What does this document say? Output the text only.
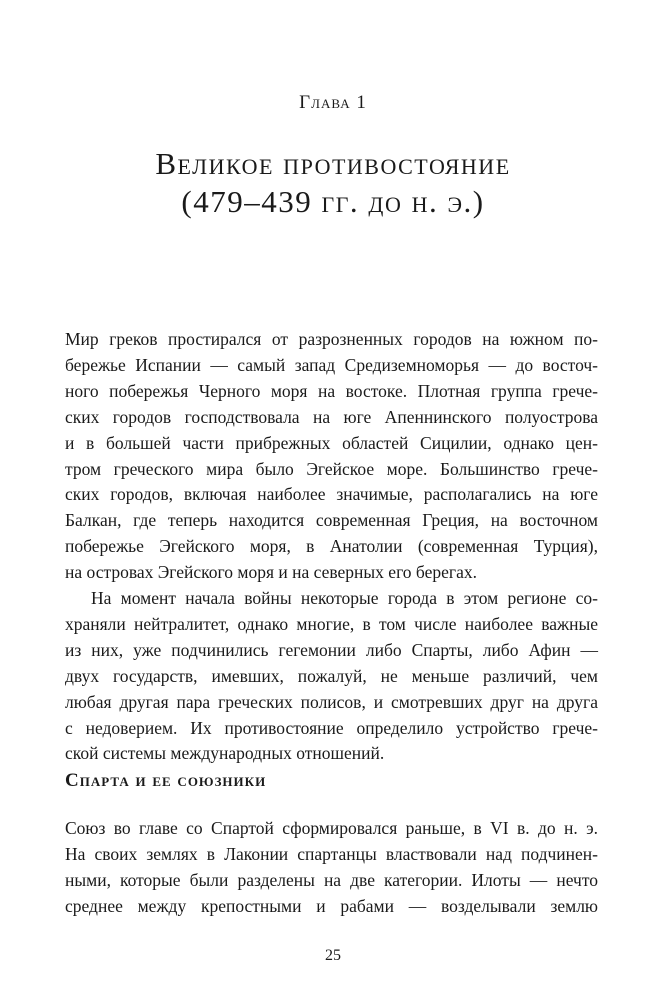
Глава 1
Великое противостояние
(479–439 гг. до н. э.)
Мир греков простирался от разрозненных городов на южном по-
бережье Испании — самый запад Средиземноморья — до восточ-
ного побережья Черного моря на востоке. Плотная группа грече-
ских городов господствовала на юге Апеннинского полуострова
и в большей части прибрежных областей Сицилии, однако цен-
тром греческого мира было Эгейское море. Большинство грече-
ских городов, включая наиболее значимые, располагались на юге
Балкан, где теперь находится современная Греция, на восточном
побережье Эгейского моря, в Анатолии (современная Турция),
на островах Эгейского моря и на северных его берегах.
На момент начала войны некоторые города в этом регионе со-
храняли нейтралитет, однако многие, в том числе наиболее важные
из них, уже подчинились гегемонии либо Спарты, либо Афин —
двух государств, имевших, пожалуй, не меньше различий, чем
любая другая пара греческих полисов, и смотревших друг на друга
с недоверием. Их противостояние определило устройство грече-
ской системы международных отношений.
Спарта и ее союзники
Союз во главе со Спартой сформировался раньше, в VI в. до н. э.
На своих землях в Лаконии спартанцы властвовали над подчинен-
ными, которые были разделены на две категории. Илоты — нечто
среднее между крепостными и рабами — возделывали землю
25
